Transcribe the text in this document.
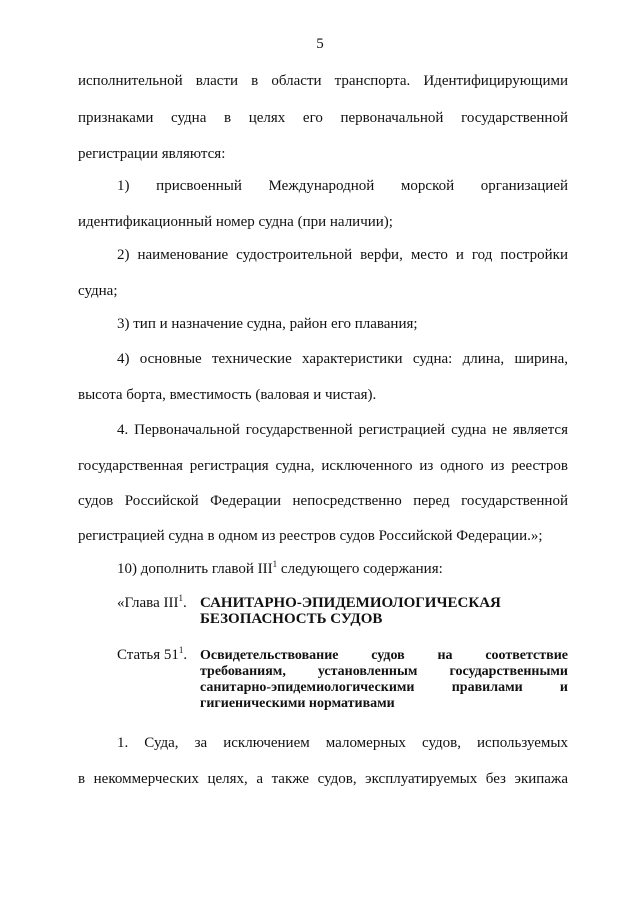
5
исполнительной власти в области транспорта. Идентифицирующими
признаками судна в целях его первоначальной государственной
регистрации являются:
1) присвоенный Международной морской организацией
идентификационный номер судна (при наличии);
2) наименование судостроительной верфи, место и год постройки
судна;
3) тип и назначение судна, район его плавания;
4) основные технические характеристики судна: длина, ширина,
высота борта, вместимость (валовая и чистая).
4. Первоначальной государственной регистрацией судна не является
государственная регистрация судна, исключенного из одного из реестров
судов Российской Федерации непосредственно перед государственной
регистрацией судна в одном из реестров судов Российской Федерации.»;
10) дополнить главой III$^1$ следующего содержания:
«Глава III$^1$. САНИТАРНО-ЭПИДЕМИОЛОГИЧЕСКАЯ
БЕЗОПАСНОСТЬ СУДОВ
Статья $51^1$. Освидетельствование судов на соответствие
требованиям, установленным государственными
санитарно-эпидемиологическими правилами и
гигиеническими нормативами
1. Суда, за исключением маломерных судов, используемых
в некоммерческих целях, а также судов, эксплуатируемых без экипажа
